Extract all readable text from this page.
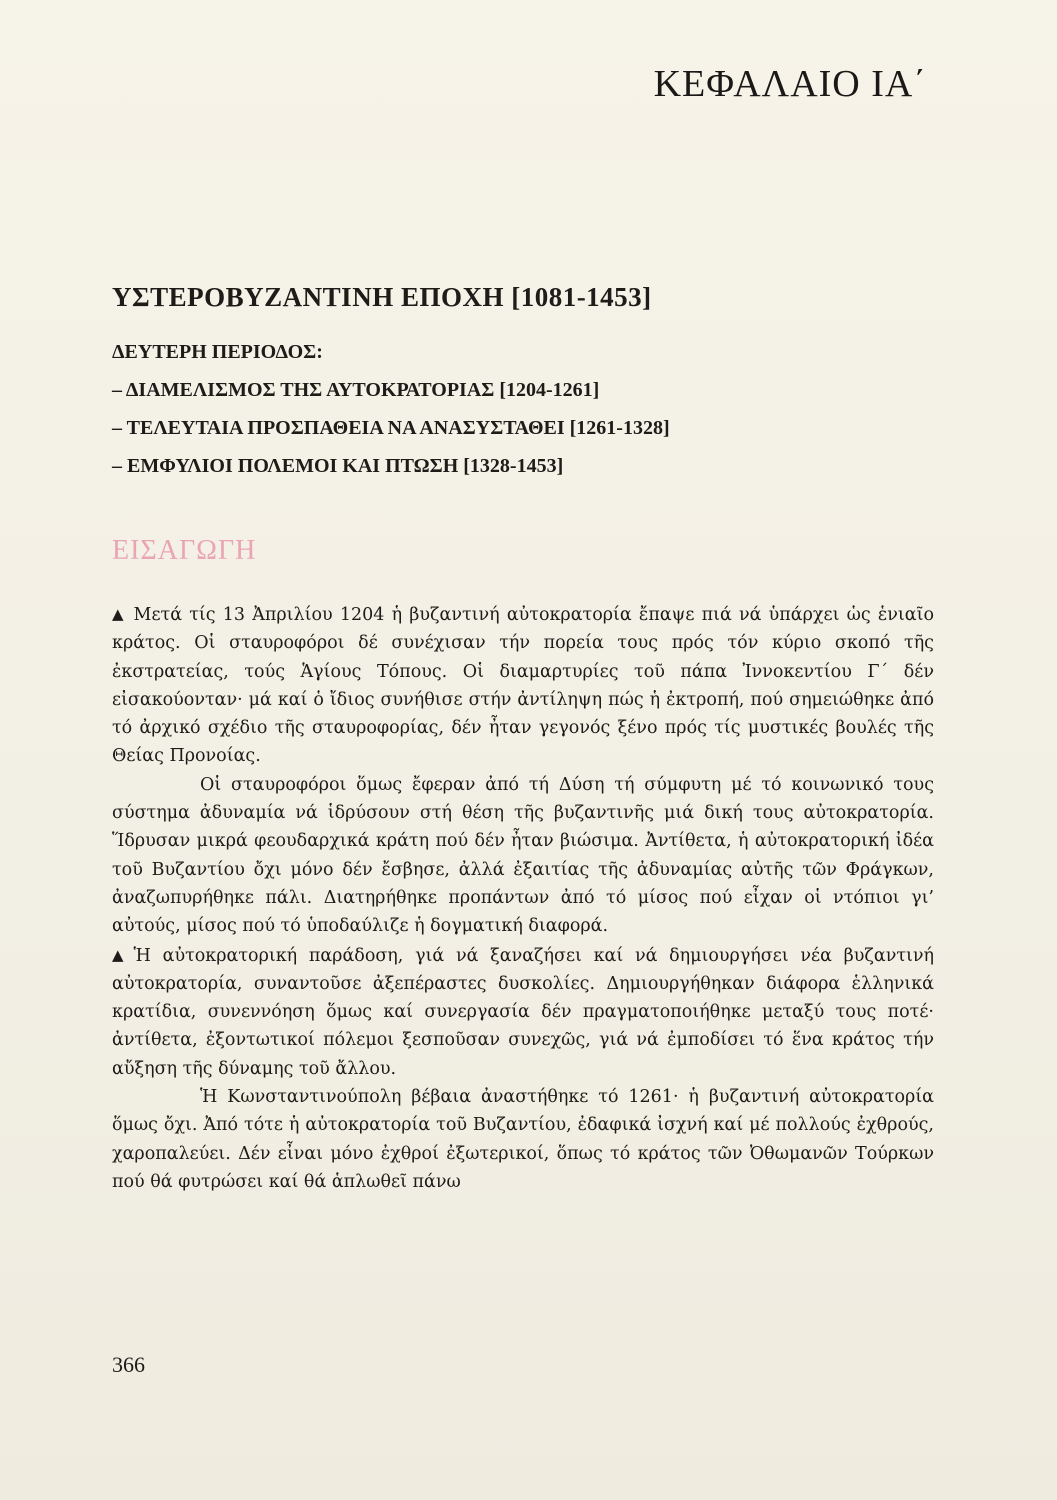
ΚΕΦΑΛΑΙΟ ΙΑ΄
ΥΣΤΕΡΟΒΥΖΑΝΤΙΝΗ ΕΠΟΧΗ [1081-1453]
ΔΕΥΤΕΡΗ ΠΕΡΙΟΔΟΣ:
– ΔΙΑΜΕΛΙΣΜΟΣ ΤΗΣ ΑΥΤΟΚΡΑΤΟΡΙΑΣ [1204-1261]
– ΤΕΛΕΥΤΑΙΑ ΠΡΟΣΠΑΘΕΙΑ ΝΑ ΑΝΑΣΥΣΤΑΘΕΙ [1261-1328]
– ΕΜΦΥΛΙΟΙ ΠΟΛΕΜΟΙ ΚΑΙ ΠΤΩΣΗ [1328-1453]
ΕΙΣΑΓΩΓΗ

▲ Μετά τίς 13 Ἀπριλίου 1204 ἡ βυζαντινή αὐτοκρατορία ἔπαψε πιά νά ὑπάρχει ὡς ἑνιαῖο κράτος. Οἱ σταυροφόροι δέ συνέχισαν τήν πορεία τους πρός τόν κύριο σκοπό τῆς ἐκστρατείας, τούς Ἁγίους Τόπους. Οἱ διαμαρτυρίες τοῦ πάπα Ἰννοκεντίου Γ΄ δέν εἰσακούονταν· μά καί ὁ ἴδιος συνήθισε στήν ἀντίληψη πώς ἡ ἐκτροπή, πού σημειώθηκε ἀπό τό ἀρχικό σχέδιο τῆς σταυροφορίας, δέν ἦταν γεγονός ξένο πρός τίς μυστικές βουλές τῆς Θείας Προνοίας.

Οἱ σταυροφόροι ὅμως ἔφεραν ἀπό τή Δύση τή σύμφυτη μέ τό κοινωνικό τους σύστημα ἀδυναμία νά ἱδρύσουν στή θέση τῆς βυζαντινῆς μιά δική τους αὐτοκρατορία. Ἵδρυσαν μικρά φεουδαρχικά κράτη πού δέν ἦταν βιώσιμα. Ἀντίθετα, ἡ αὐτοκρατορική ἰδέα τοῦ Βυζαντίου ὄχι μόνο δέν ἔσβησε, ἀλλά ἐξαιτίας τῆς ἀδυναμίας αὐτῆς τῶν Φράγκων, ἀναζωπυρήθηκε πάλι. Διατηρήθηκε προπάντων ἀπό τό μίσος πού εἶχαν οἱ ντόπιοι γι’ αὐτούς, μίσος πού τό ὑποδαύλιζε ἡ δογματική διαφορά.

▲ Ἡ αὐτοκρατορική παράδοση, γιά νά ξαναζήσει καί νά δημιουργήσει νέα βυζαντινή αὐτοκρατορία, συναντοῦσε ἀξεπέραστες δυσκολίες. Δημιουργήθηκαν διάφορα ἑλληνικά κρατίδια, συνεννόηση ὅμως καί συνεργασία δέν πραγματοποιήθηκε μεταξύ τους ποτέ· ἀντίθετα, ἐξοντωτικοί πόλεμοι ξεσποῦσαν συνεχῶς, γιά νά ἐμποδίσει τό ἕνα κράτος τήν αὔξηση τῆς δύναμης τοῦ ἄλλου.

Ἡ Κωνσταντινούπολη βέβαια ἀναστήθηκε τό 1261· ἡ βυζαντινή αὐτοκρατορία ὅμως ὄχι. Ἀπό τότε ἡ αὐτοκρατορία τοῦ Βυζαντίου, ἐδαφικά ἰσχνή καί μέ πολλούς ἐχθρούς, χαροπαλεύει. Δέν εἶναι μόνο ἐχθροί ἐξωτερικοί, ὅπως τό κράτος τῶν Ὀθωμανῶν Τούρκων πού θά φυτρώσει καί θά ἁπλωθεῖ πάνω

366
